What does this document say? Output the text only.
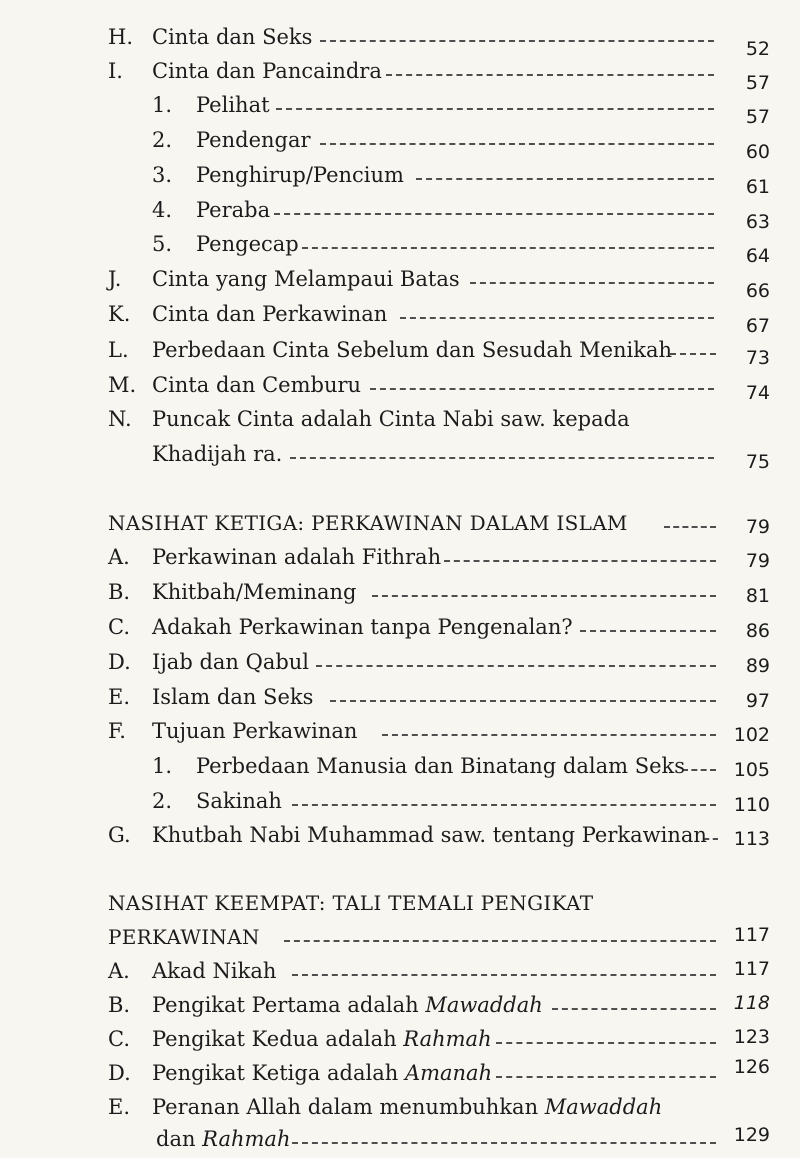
H. Cinta dan Seks	52
I. Cinta dan Pancaindra	57
1. Pelihat	57
2. Pendengar	60
3. Penghirup/Pencium	61
4. Peraba	63
5. Pengecap	64
J. Cinta yang Melampaui Batas	66
K. Cinta dan Perkawinan	67
L. Perbedaan Cinta Sebelum dan Sesudah Menikah	73
M. Cinta dan Cemburu	74
N. Puncak Cinta adalah Cinta Nabi saw. kepada
Khadijah ra.	75
NASIHAT KETIGA: PERKAWINAN DALAM ISLAM	79
A. Perkawinan adalah Fithrah	79
B. Khitbah/Meminang	81
C. Adakah Perkawinan tanpa Pengenalan?	86
D. Ijab dan Qabul	89
E. Islam dan Seks	97
F. Tujuan Perkawinan	102
1. Perbedaan Manusia dan Binatang dalam Seks	105
2. Sakinah	110
G. Khutbah Nabi Muhammad saw. tentang Perkawinan 113
NASIHAT KEEMPAT: TALI TEMALI PENGIKAT
PERKAWINAN	117
A. Akad Nikah	117
B. Pengikat Pertama adalah Mawaddah	118
C. Pengikat Kedua adalah Rahmah	123
D. Pengikat Ketiga adalah Amanah	126
E. Peranan Allah dalam menumbuhkan Mawaddah
dan Rahmah	129
